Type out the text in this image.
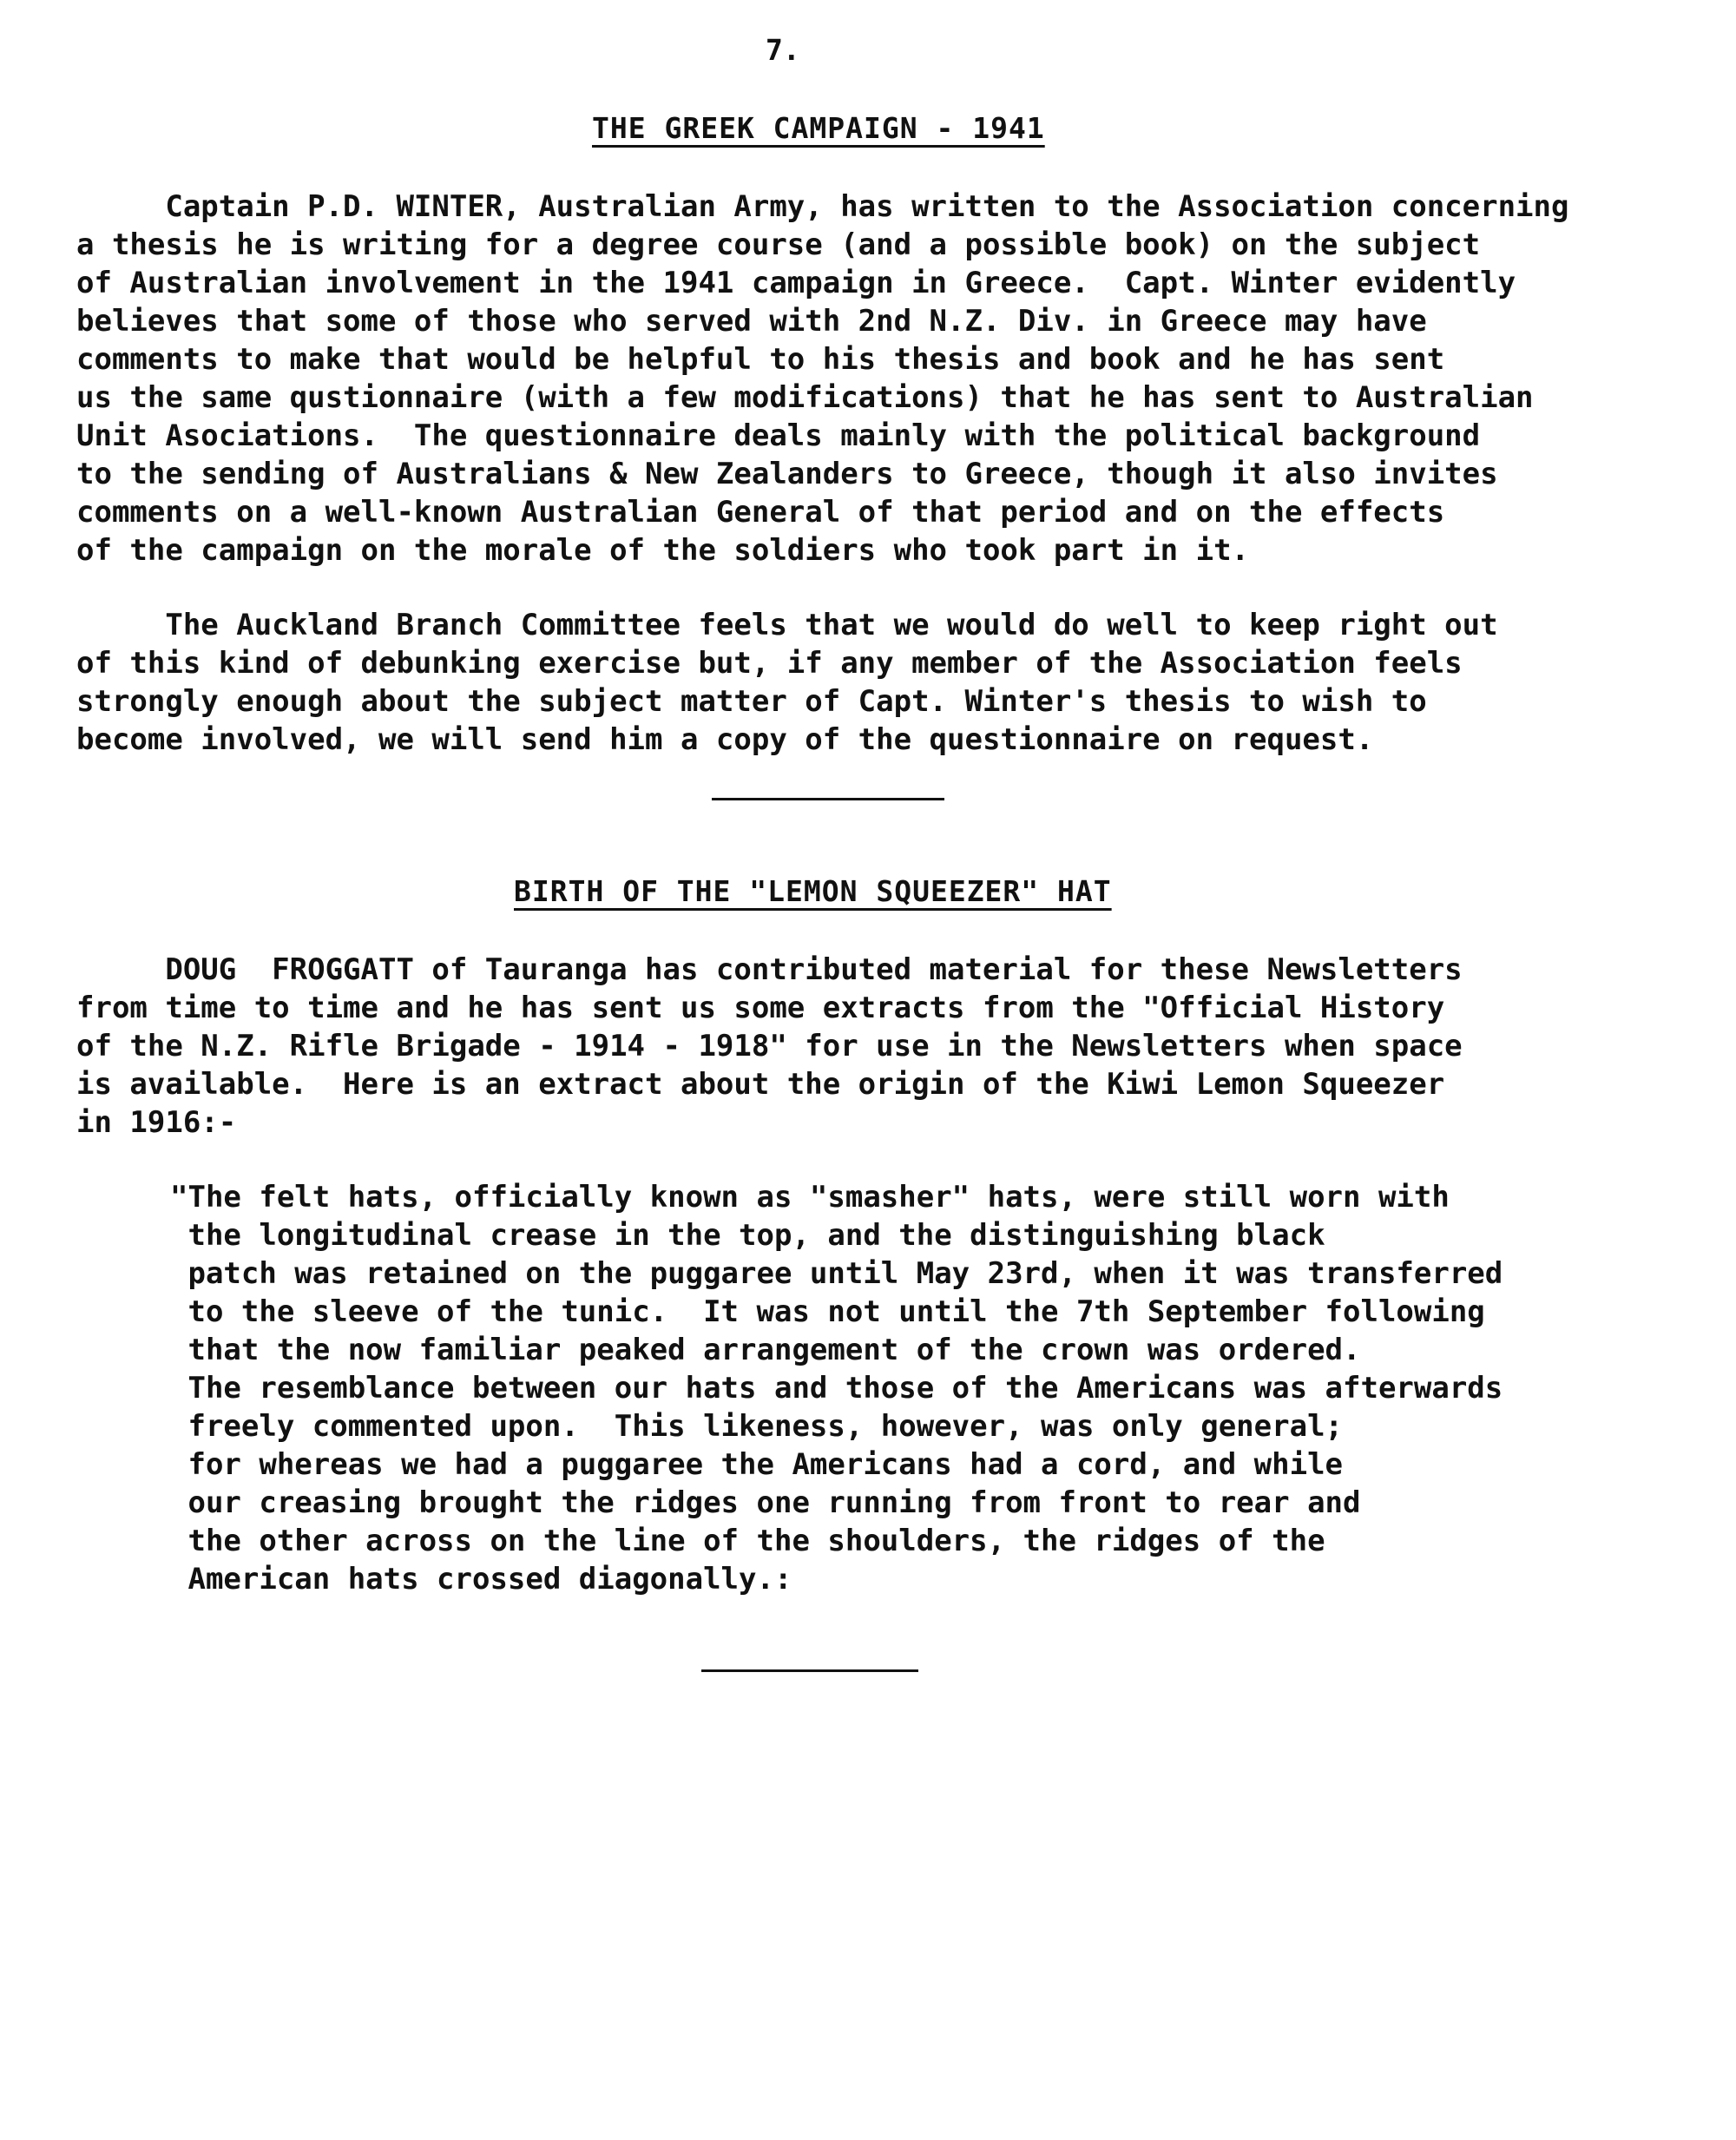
7.
THE GREEK CAMPAIGN - 1941
Captain P.D. WINTER, Australian Army, has written to the Association concerning
a thesis he is writing for a degree course (and a possible book) on the subject
of Australian involvement in the 1941 campaign in Greece.  Capt. Winter evidently
believes that some of those who served with 2nd N.Z. Div. in Greece may have
comments to make that would be helpful to his thesis and book and he has sent
us the same qustionnaire (with a few modifications) that he has sent to Australian
Unit Asociations.  The questionnaire deals mainly with the political background
to the sending of Australians & New Zealanders to Greece, though it also invites
comments on a well-known Australian General of that period and on the effects
of the campaign on the morale of the soldiers who took part in it.
The Auckland Branch Committee feels that we would do well to keep right out
of this kind of debunking exercise but, if any member of the Association feels
strongly enough about the subject matter of Capt. Winter's thesis to wish to
become involved, we will send him a copy of the questionnaire on request.
BIRTH OF THE "LEMON SQUEEZER" HAT
DOUG  FROGGATT of Tauranga has contributed material for these Newsletters
from time to time and he has sent us some extracts from the "Official History
of the N.Z. Rifle Brigade - 1914 - 1918" for use in the Newsletters when space
is available.  Here is an extract about the origin of the Kiwi Lemon Squeezer
in 1916:-
"The felt hats, officially known as "smasher" hats, were still worn with
the longitudinal crease in the top, and the distinguishing black
patch was retained on the puggaree until May 23rd, when it was transferred
to the sleeve of the tunic.  It was not until the 7th September following
that the now familiar peaked arrangement of the crown was ordered.
The resemblance between our hats and those of the Americans was afterwards
freely commented upon.  This likeness, however, was only general;
for whereas we had a puggaree the Americans had a cord, and while
our creasing brought the ridges one running from front to rear and
the other across on the line of the shoulders, the ridges of the
American hats crossed diagonally.:
